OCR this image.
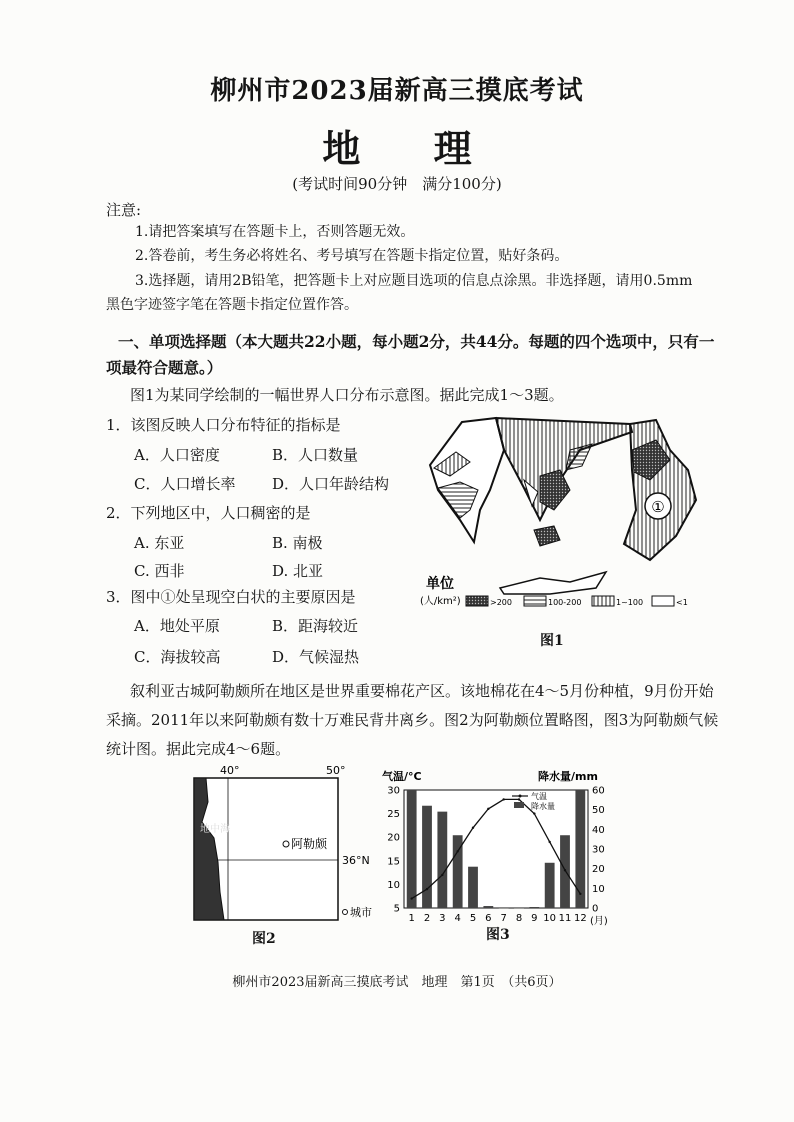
柳州市2023届新高三摸底考试
地 理
(考试时间90分钟　满分100分)
注意:
1.请把答案填写在答题卡上，否则答题无效。
2.答卷前，考生务必将姓名、考号填写在答题卡指定位置，贴好条码。
3.选择题，请用2B铅笔，把答题卡上对应题目选项的信息点涂黑。非选择题，请用0.5mm
黑色字迹签字笔在答题卡指定位置作答。
一、单项选择题（本大题共22小题，每小题2分，共44分。每题的四个选项中，只有一
项最符合题意。）
图1为某同学绘制的一幅世界人口分布示意图。据此完成1～3题。
1．该图反映人口分布特征的指标是
A．人口密度	B．人口数量
C．人口增长率 D．人口年龄结构
2．下列地区中，人口稠密的是
A. 东亚	B. 南极
C. 西非	D. 北亚
3．图中①处呈现空白状的主要原因是
A．地处平原	B．距海较近
C．海拔较高	D．气候湿热
①
单位
(人/km²)	>200	100-200	1~100	<1
图1
叙利亚古城阿勒颇所在地区是世界重要棉花产区。该地棉花在4～5月份种植，9月份开始
采摘。2011年以来阿勒颇有数十万难民背井离乡。图2为阿勒颇位置略图，图3为阿勒颇气候
统计图。据此完成4～6题。
40°	50°
地中海
阿勒颇
36°N
城市
图2
气温/°C	降水量/mm
5
10
15
20
25
30
0
10
20
30
40
50
60
1 2 3 4 5 6 7 8 9 10 11 12 (月)
气温
降水量
图3
柳州市2023届新高三摸底考试　地理　第1页　（共6页）
